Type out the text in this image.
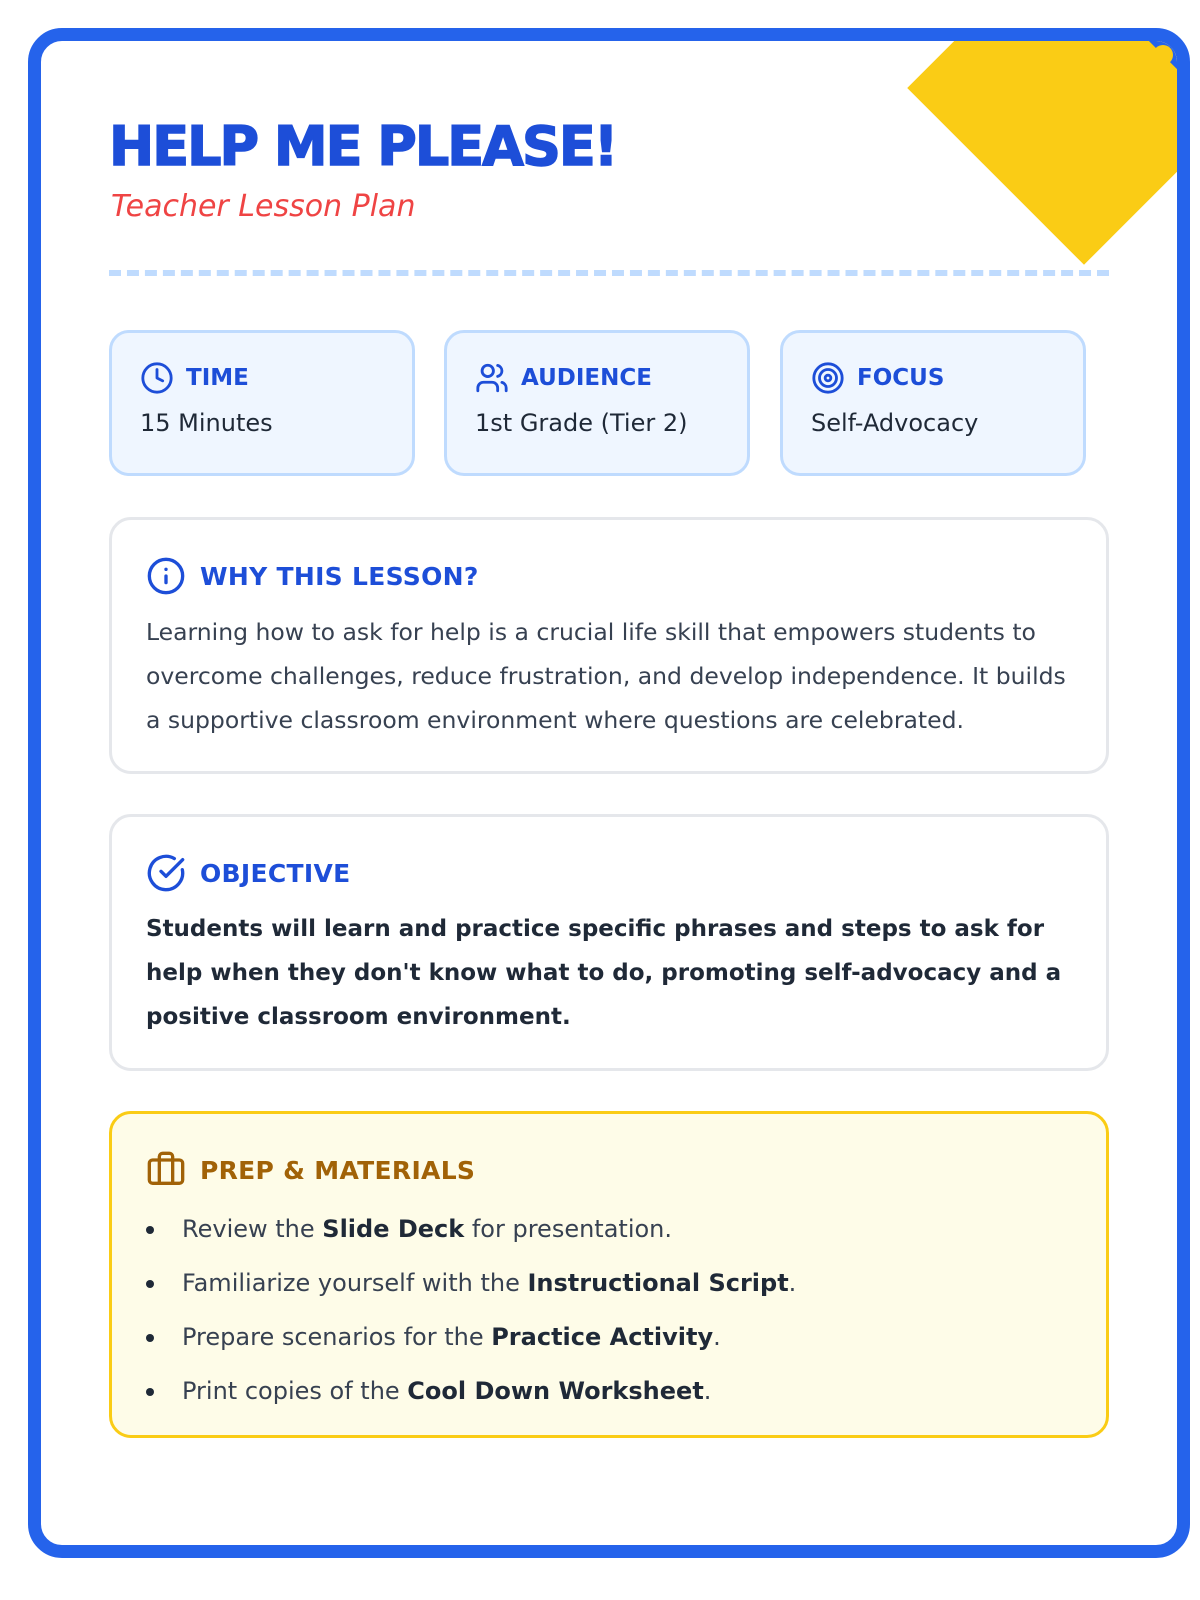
HELP ME PLEASE!
Teacher Lesson Plan
TIME
15 Minutes
AUDIENCE
1st Grade (Tier 2)
FOCUS
Self-Advocacy
WHY THIS LESSON?

Learning how to ask for help is a crucial life skill that empowers students to overcome challenges, reduce frustration, and develop independence. It builds a supportive classroom environment where questions are celebrated.

OBJECTIVE

Students will learn and practice specific phrases and steps to ask for help when they don't know what to do, promoting self-advocacy and a positive classroom environment.

PREP & MATERIALS
Review the Slide Deck for presentation.
Familiarize yourself with the Instructional Script.
Prepare scenarios for the Practice Activity.
Print copies of the Cool Down Worksheet.
